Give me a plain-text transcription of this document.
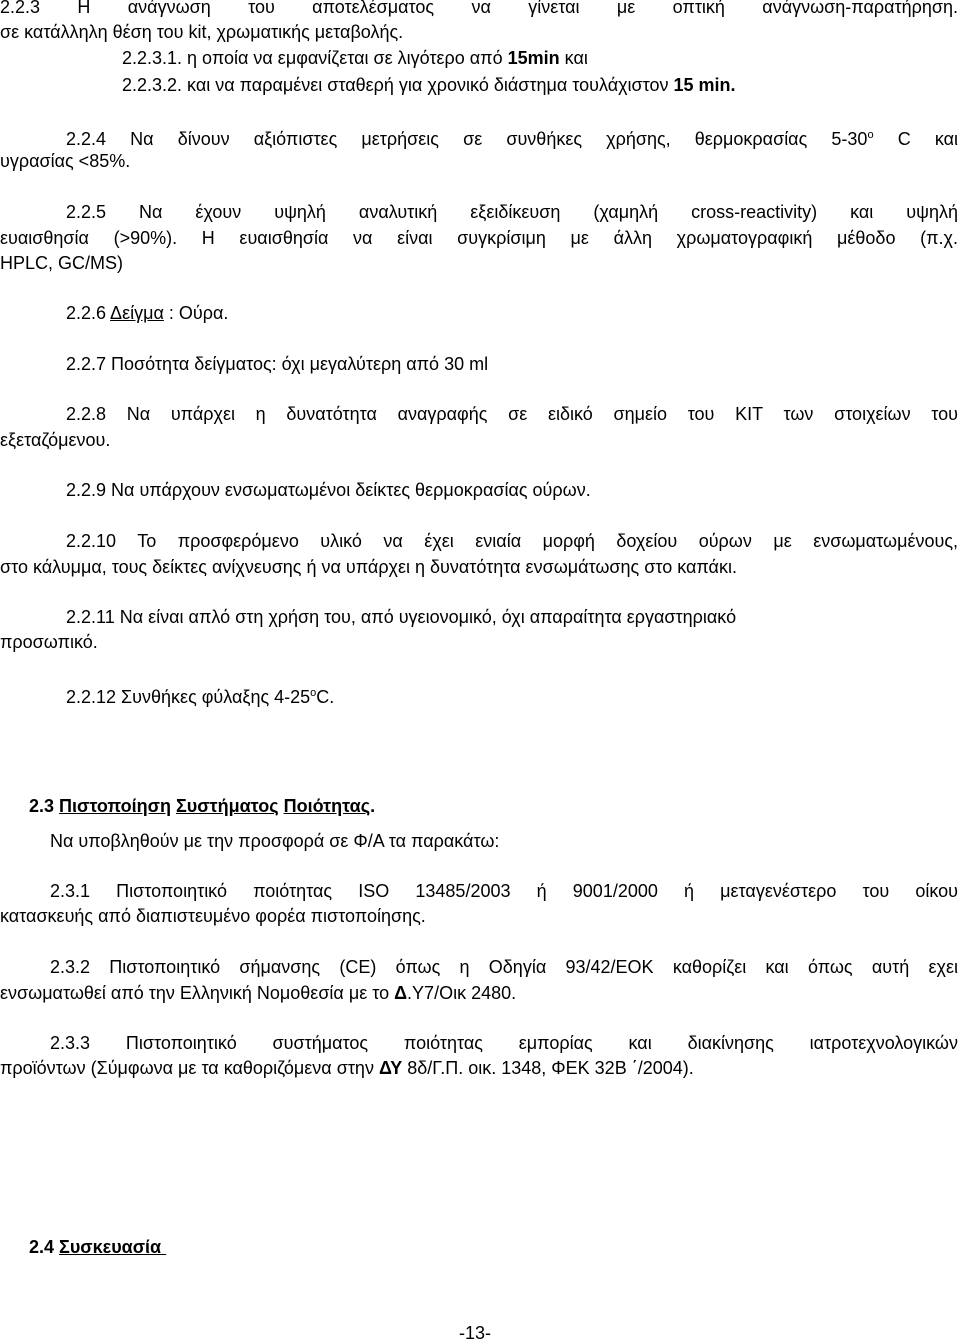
2.2.3 Η ανάγνωση του αποτελέσματος να γίνεται με οπτική ανάγνωση-παρατήρηση.
σε κατάλληλη θέση του kit, χρωματικής μεταβολής.
2.2.3.1. η οποία να εμφανίζεται σε λιγότερο από 15min και
2.2.3.2. και να παραμένει σταθερή για χρονικό διάστημα τουλάχιστον 15 min.
2.2.4 Να δίνουν αξιόπιστες μετρήσεις σε συνθήκες χρήσης, θερμοκρασίας $5-30^o$ C και
υγρασίας <85%.
2.2.5 Να έχουν υψηλή αναλυτική εξειδίκευση (χαμηλή cross-reactivity) και υψηλή
ευαισθησία (>90%). Η ευαισθησία να είναι συγκρίσιμη με άλλη χρωματογραφική μέθοδο (π.χ.
HPLC, GC/MS)
2.2.6 Δείγμα : Ούρα.
2.2.7 Ποσότητα δείγματος: όχι μεγαλύτερη από 30 ml
2.2.8 Να υπάρχει η δυνατότητα αναγραφής σε ειδικό σημείο του KIT των στοιχείων του
εξεταζόμενου.
2.2.9 Να υπάρχουν ενσωματωμένοι δείκτες θερμοκρασίας ούρων.
2.2.10 Το προσφερόμενο υλικό να έχει ενιαία μορφή δοχείου ούρων με ενσωματωμένους,
στο κάλυμμα, τους δείκτες ανίχνευσης ή να υπάρχει η δυνατότητα ενσωμάτωσης στο καπάκι.
2.2.11 Να είναι απλό στη χρήση του, από υγειονομικό, όχι απαραίτητα εργαστηριακό
προσωπικό.
2.2.12 Συνθήκες φύλαξης $4-25^oC$.
2.3 Πιστοποίηση Συστήματος Ποιότητας.
Να υποβληθούν με την προσφορά σε Φ/Α τα παρακάτω:
2.3.1 Πιστοποιητικό ποιότητας ISO 13485/2003 ή 9001/2000 ή μεταγενέστερο του οίκου
κατασκευής από διαπιστευμένο φορέα πιστοποίησης.
2.3.2 Πιστοποιητικό σήμανσης (CE) όπως η Οδηγία 93/42/ΕΟΚ καθορίζει και όπως αυτή εχει
ενσωματωθεί από την Ελληνική Νομοθεσία με το Δ.Υ7/Οικ 2480.
2.3.3 Πιστοποιητικό συστήματος ποιότητας εμπορίας και διακίνησης ιατροτεχνολογικών
προϊόντων (Σύμφωνα με τα καθοριζόμενα στην ΔΥ 8δ/Γ.Π. οικ. 1348, ΦΕΚ 32Β ΄/2004).
2.4 Συσκευασία
-13-
